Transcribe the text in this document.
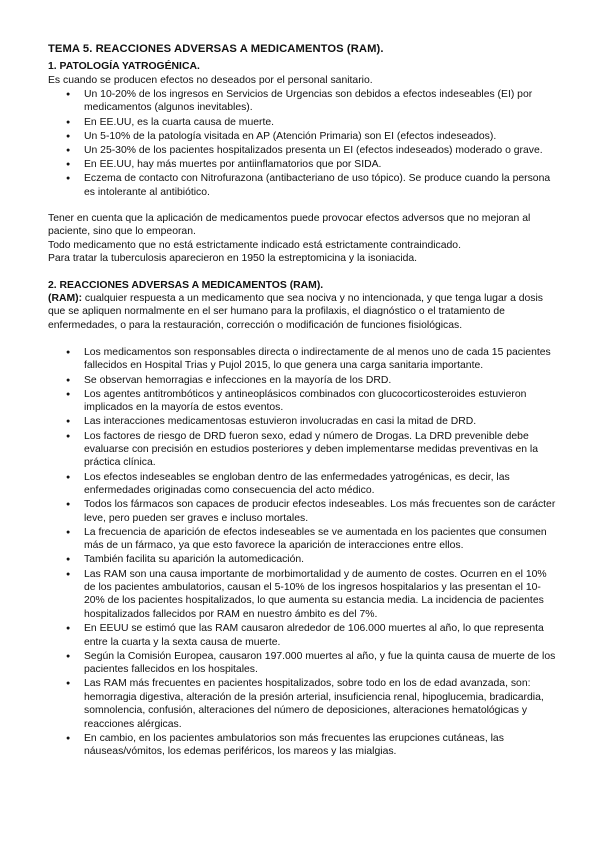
TEMA 5. REACCIONES ADVERSAS A MEDICAMENTOS (RAM).
1. PATOLOGÍA YATROGÉNICA.
Es cuando se producen efectos no deseados por el personal sanitario.
● Un 10-20% de los ingresos en Servicios de Urgencias son debidos a efectos indeseables (EI) por medicamentos (algunos inevitables).
● En EE.UU, es la cuarta causa de muerte.
● Un 5-10% de la patología visitada en AP (Atención Primaria) son EI (efectos indeseados).
● Un 25-30% de los pacientes hospitalizados presenta un EI (efectos indeseados) moderado o grave.
● En EE.UU, hay más muertes por antiinflamatorios que por SIDA.
● Eczema de contacto con Nitrofurazona (antibacteriano de uso tópico). Se produce cuando la persona es intolerante al antibiótico.
Tener en cuenta que la aplicación de medicamentos puede provocar efectos adversos que no mejoran al paciente, sino que lo empeoran.
Todo medicamento que no está estrictamente indicado está estrictamente contraindicado.
Para tratar la tuberculosis aparecieron en 1950 la estreptomicina y la isoniacida.
2. REACCIONES ADVERSAS A MEDICAMENTOS (RAM).
(RAM): cualquier respuesta a un medicamento que sea nociva y no intencionada, y que tenga lugar a dosis que se apliquen normalmente en el ser humano para la profilaxis, el diagnóstico o el tratamiento de enfermedades, o para la restauración, corrección o modificación de funciones fisiológicas.
● Los medicamentos son responsables directa o indirectamente de al menos uno de cada 15 pacientes fallecidos en Hospital Trias y Pujol 2015, lo que genera una carga sanitaria importante.
● Se observan hemorragias e infecciones en la mayoría de los DRD.
● Los agentes antitrombóticos y antineoplásicos combinados con glucocorticosteroides estuvieron implicados en la mayoría de estos eventos.
● Las interacciones medicamentosas estuvieron involucradas en casi la mitad de DRD.
● Los factores de riesgo de DRD fueron sexo, edad y número de Drogas. La DRD prevenible debe evaluarse con precisión en estudios posteriores y deben implementarse medidas preventivas en la práctica clínica.
● Los efectos indeseables se engloban dentro de las enfermedades yatrogénicas, es decir, las enfermedades originadas como consecuencia del acto médico.
● Todos los fármacos son capaces de producir efectos indeseables. Los más frecuentes son de carácter leve, pero pueden ser graves e incluso mortales.
● La frecuencia de aparición de efectos indeseables se ve aumentada en los pacientes que consumen más de un fármaco, ya que esto favorece la aparición de interacciones entre ellos.
● También facilita su aparición la automedicación.
● Las RAM son una causa importante de morbimortalidad y de aumento de costes. Ocurren en el 10% de los pacientes ambulatorios, causan el 5-10% de los ingresos hospitalarios y las presentan el 10-20% de los pacientes hospitalizados, lo que aumenta su estancia media. La incidencia de pacientes hospitalizados fallecidos por RAM en nuestro ámbito es del 7%.
● En EEUU se estimó que las RAM causaron alrededor de 106.000 muertes al año, lo que representa entre la cuarta y la sexta causa de muerte.
● Según la Comisión Europea, causaron 197.000 muertes al año, y fue la quinta causa de muerte de los pacientes fallecidos en los hospitales.
● Las RAM más frecuentes en pacientes hospitalizados, sobre todo en los de edad avanzada, son: hemorragia digestiva, alteración de la presión arterial, insuficiencia renal, hipoglucemia, bradicardia, somnolencia, confusión, alteraciones del número de deposiciones, alteraciones hematológicas y reacciones alérgicas.
● En cambio, en los pacientes ambulatorios son más frecuentes las erupciones cutáneas, las náuseas/vómitos, los edemas periféricos, los mareos y las mialgias.
